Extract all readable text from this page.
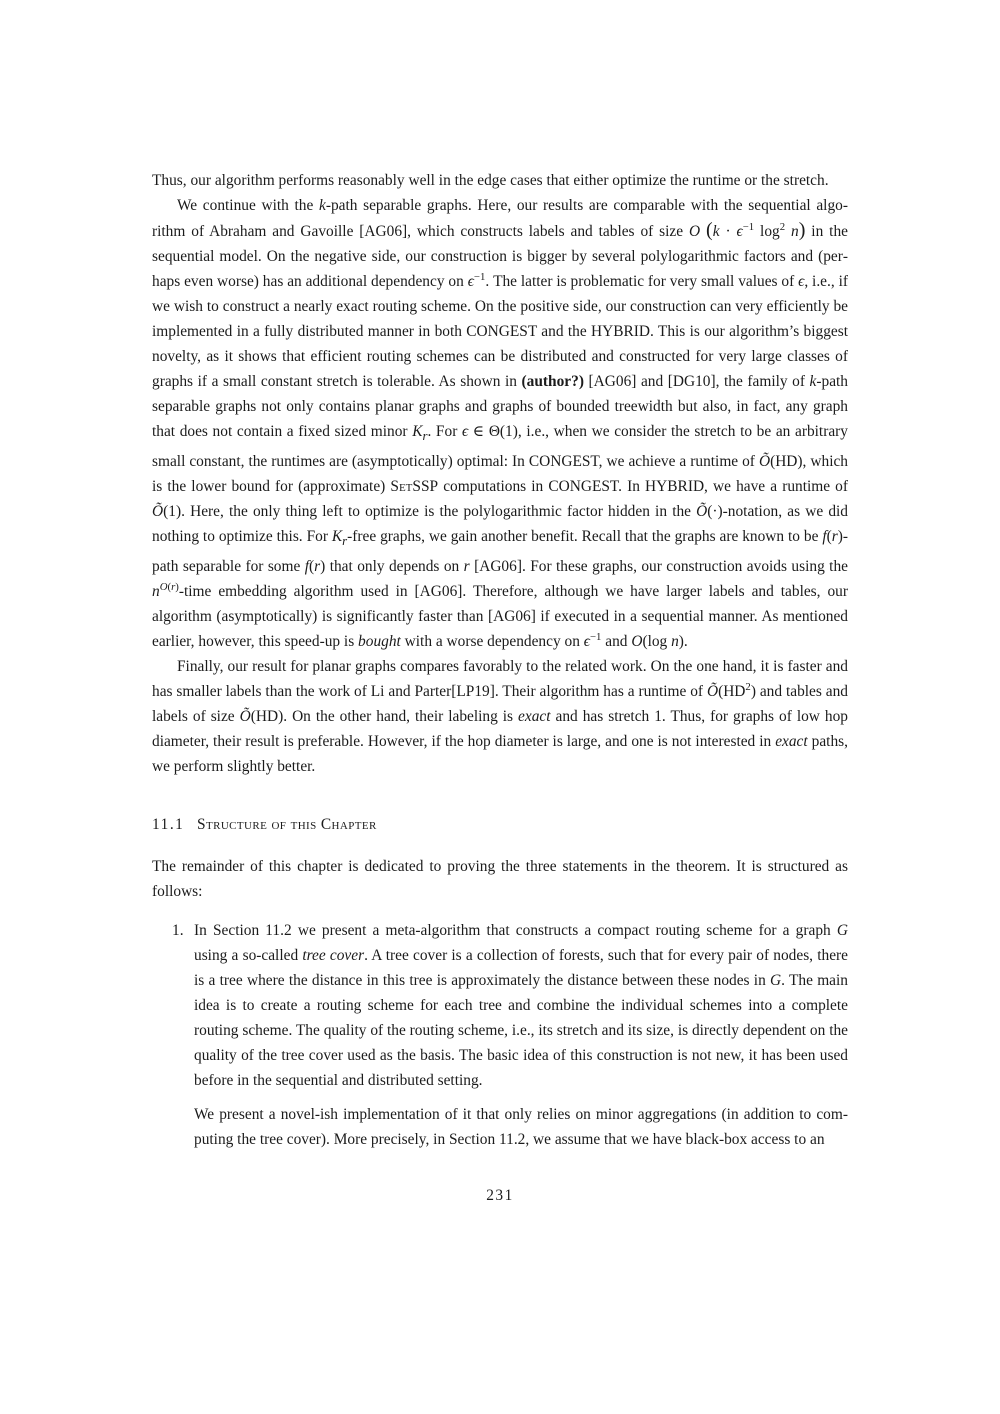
Thus, our algorithm performs reasonably well in the edge cases that either optimize the runtime or the stretch.

We continue with the k-path separable graphs. Here, our results are comparable with the sequential algorithm of Abraham and Gavoille [AG06], which constructs labels and tables of size O ($k \cdot \epsilon^{-1}$ $\log^2 n$) in the sequential model. On the negative side, our construction is bigger by several polylogarithmic factors and (perhaps even worse) has an additional dependency on $\epsilon^{-1}$. The latter is problematic for very small values of ϵ, i.e., if we wish to construct a nearly exact routing scheme. On the positive side, our construction can very efficiently be implemented in a fully distributed manner in both CONGEST and the HYBRID. This is our algorithm’s biggest novelty, as it shows that efficient routing schemes can be distributed and constructed for very large classes of graphs if a small constant stretch is tolerable. As shown in (author?) [AG06] and [DG10], the family of k-path separable graphs not only contains planar graphs and graphs of bounded treewidth but also, in fact, any graph that does not contain a fixed sized minor $K_r$. For ϵ ∈ Θ(1), i.e., when we consider the stretch to be an arbitrary small constant, the runtimes are (asymptotically) optimal: In CONGEST, we achieve a runtime of Õ(HD), which is the lower bound for (approximate) SetSSP computations in CONGEST. In HYBRID, we have a runtime of Õ(1). Here, the only thing left to optimize is the polylogarithmic factor hidden in the Õ(·)-notation, as we did nothing to optimize this. For $K_r$-free graphs, we gain another benefit. Recall that the graphs are known to be f(r)-path separable for some f(r) that only depends on r [AG06]. For these graphs, our construction avoids using the $n^{O(r)}$-time embedding algorithm used in [AG06]. Therefore, although we have larger labels and tables, our algorithm (asymptotically) is significantly faster than [AG06] if executed in a sequential manner. As mentioned earlier, however, this speed-up is bought with a worse dependency on $\epsilon^{-1}$ and O(log n).

Finally, our result for planar graphs compares favorably to the related work. On the one hand, it is faster and has smaller labels than the work of Li and Parter[LP19]. Their algorithm has a runtime of $Õ(HD^2)$ and tables and labels of size Õ(HD). On the other hand, their labeling is exact and has stretch 1. Thus, for graphs of low hop diameter, their result is preferable. However, if the hop diameter is large, and one is not interested in exact paths, we perform slightly better.

11.1 Structure of this Chapter

The remainder of this chapter is dedicated to proving the three statements in the theorem. It is structured as follows:

1. In Section 11.2 we present a meta-algorithm that constructs a compact routing scheme for a graph G using a so-called tree cover. A tree cover is a collection of forests, such that for every pair of nodes, there is a tree where the distance in this tree is approximately the distance between these nodes in G. The main idea is to create a routing scheme for each tree and combine the individual schemes into a complete routing scheme. The quality of the routing scheme, i.e., its stretch and its size, is directly dependent on the quality of the tree cover used as the basis. The basic idea of this construction is not new, it has been used before in the sequential and distributed setting.

We present a novel-ish implementation of it that only relies on minor aggregations (in addition to computing the tree cover). More precisely, in Section 11.2, we assume that we have black-box access to an

231
